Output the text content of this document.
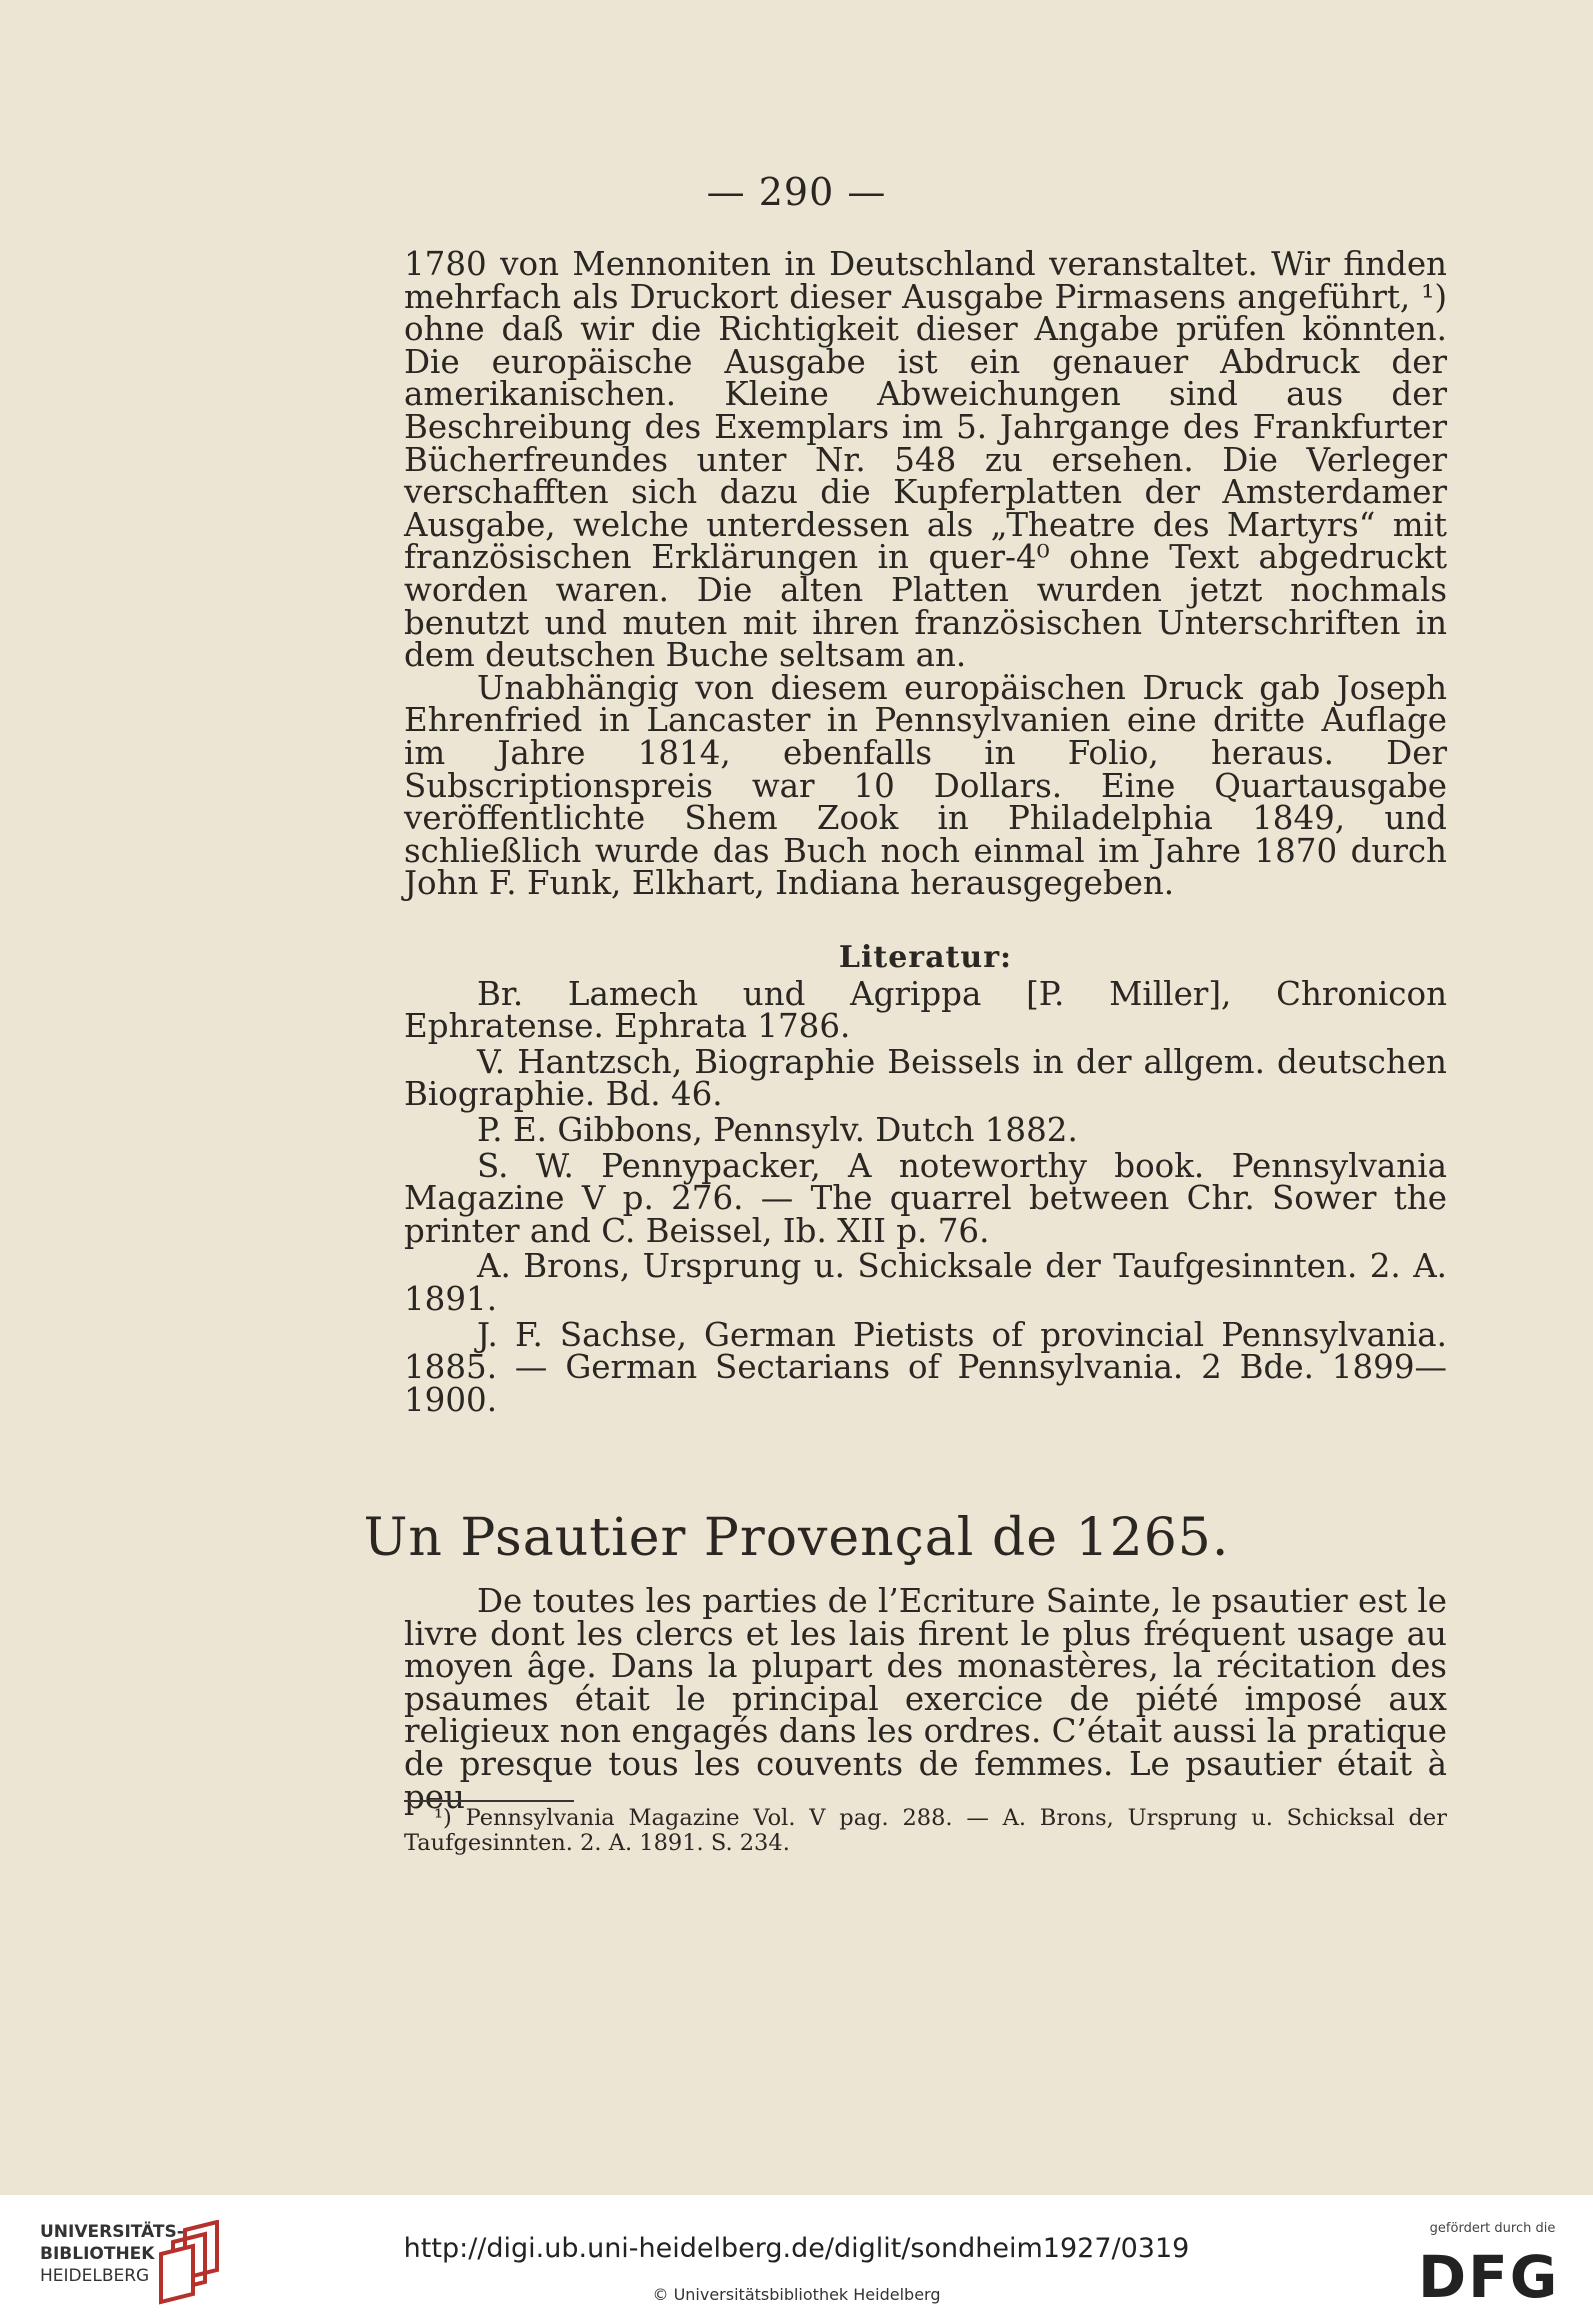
— 290 —

1780 von Mennoniten in Deutschland veranstaltet. Wir finden mehrfach als Druckort dieser Ausgabe Pirmasens angeführt, ¹) ohne daß wir die Richtigkeit dieser Angabe prüfen könnten. Die europäische Ausgabe ist ein genauer Abdruck der amerikanischen. Kleine Abweichungen sind aus der Beschreibung des Exemplars im 5. Jahrgange des Frankfurter Bücherfreundes unter Nr. 548 zu ersehen. Die Verleger verschafften sich dazu die Kupferplatten der Amsterdamer Ausgabe, welche unterdessen als „Theatre des Martyrs“ mit französischen Erklärungen in quer-4⁰ ohne Text abgedruckt worden waren. Die alten Platten wurden jetzt nochmals benutzt und muten mit ihren französischen Unterschriften in dem deutschen Buche seltsam an.

Unabhängig von diesem europäischen Druck gab Joseph Ehrenfried in Lancaster in Pennsylvanien eine dritte Auflage im Jahre 1814, ebenfalls in Folio, heraus. Der Subscriptionspreis war 10 Dollars. Eine Quartausgabe veröffentlichte Shem Zook in Philadelphia 1849, und schließlich wurde das Buch noch einmal im Jahre 1870 durch John F. Funk, Elkhart, Indiana herausgegeben.

Literatur:

Br. Lamech und Agrippa [P. Miller], Chronicon Ephratense. Ephrata 1786.

V. Hantzsch, Biographie Beissels in der allgem. deutschen Biographie. Bd. 46.

P. E. Gibbons, Pennsylv. Dutch 1882.

S. W. Pennypacker, A noteworthy book. Pennsylvania Magazine V p. 276. — The quarrel between Chr. Sower the printer and C. Beissel, Ib. XII p. 76.

A. Brons, Ursprung u. Schicksale der Taufgesinnten. 2. A. 1891.

J. F. Sachse, German Pietists of provincial Pennsylvania. 1885. — German Sectarians of Pennsylvania. 2 Bde. 1899—1900.

Un Psautier Provençal de 1265.

De toutes les parties de l’Ecriture Sainte, le psautier est le livre dont les clercs et les lais firent le plus fréquent usage au moyen âge. Dans la plupart des monastères, la récitation des psaumes était le principal exercice de piété imposé aux religieux non engagés dans les ordres. C’était aussi la pratique de presque tous les couvents de femmes. Le psautier était à peu

¹) Pennsylvania Magazine Vol. V pag. 288. — A. Brons, Ursprung u. Schicksal der Taufgesinnten. 2. A. 1891. S. 234.

UNIVERSITÄTS-
BIBLIOTHEK
HEIDELBERG
http://digi.ub.uni-heidelberg.de/diglit/sondheim1927/0319
© Universitätsbibliothek Heidelberg
gefördert durch die
DFG
